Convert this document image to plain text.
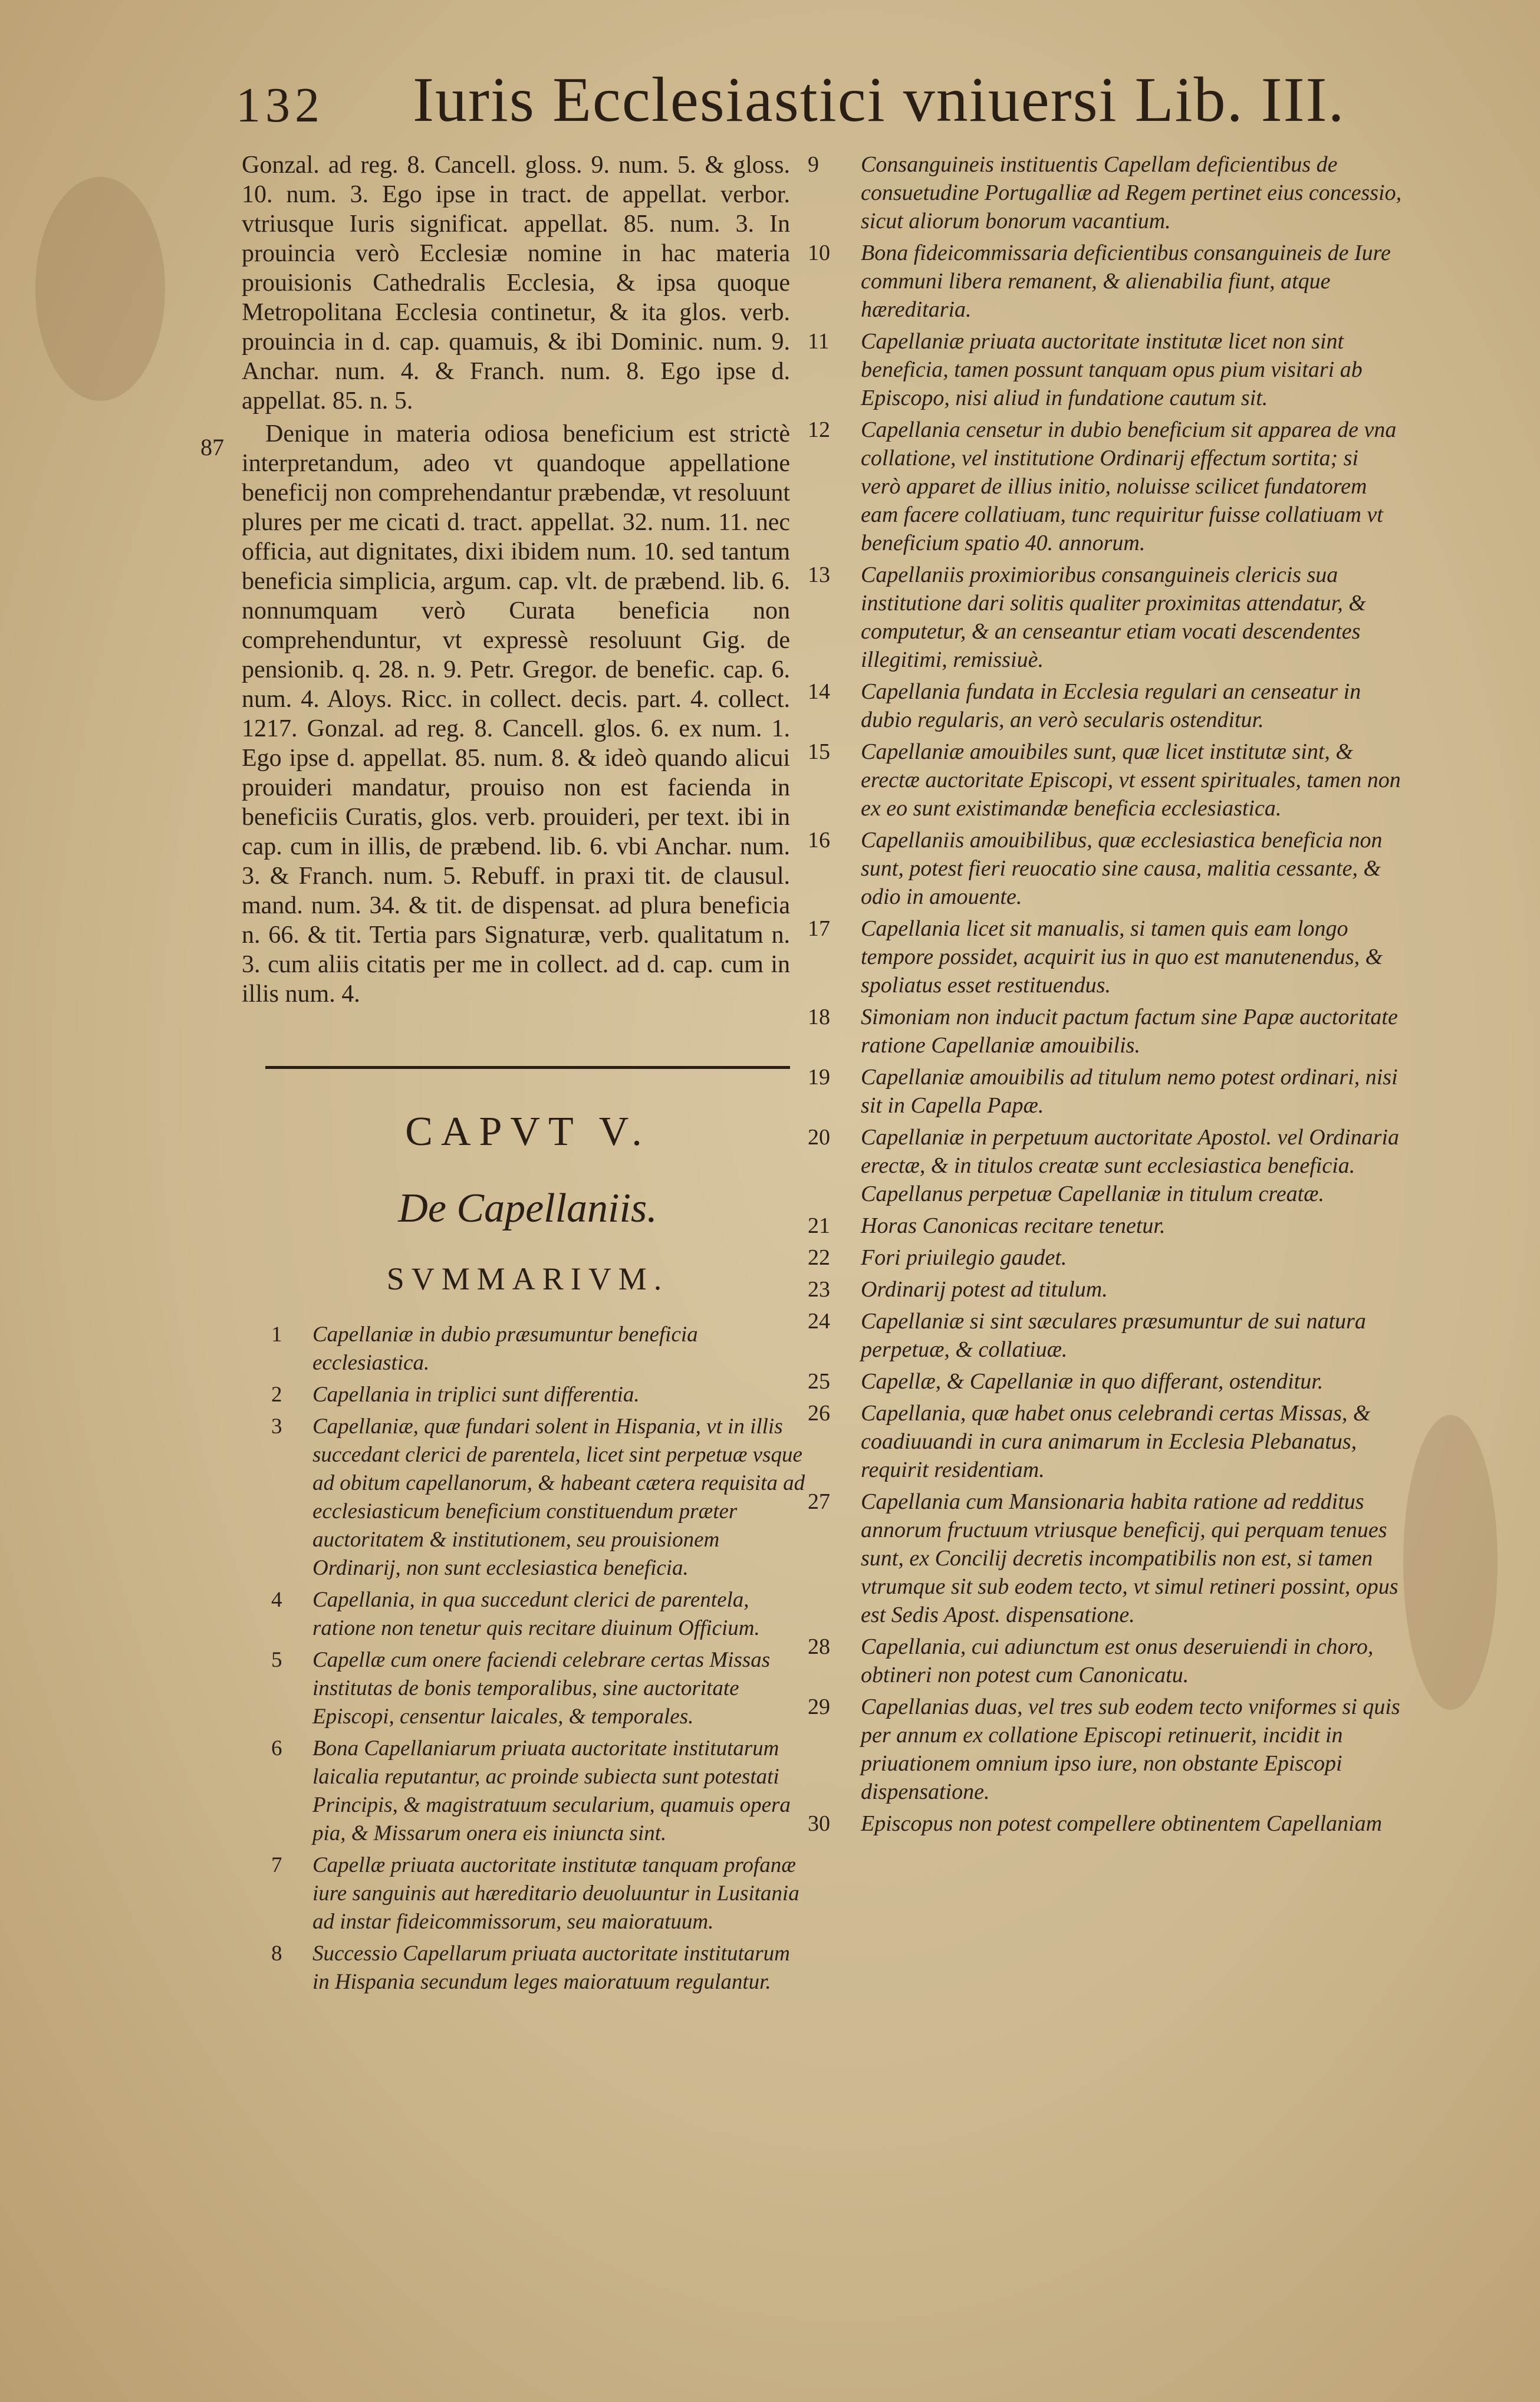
132 Iuris Ecclesiastici vniuersi Lib. III.

Gonzal. ad reg. 8. Cancell. gloss. 9. num. 5. & gloss. 10. num. 3. Ego ipse in tract. de appellat. verbor. vtriusque Iuris significat. appellat. 85. num. 3. In prouincia verò Ecclesiæ nomine in hac materia prouisionis Cathedralis Ecclesia, & ipsa quoque Metropolitana Ecclesia continetur, & ita glos. verb. prouincia in d. cap. quamuis, & ibi Dominic. num. 9. Anchar. num. 4. & Franch. num. 8. Ego ipse d. appellat. 85. n. 5.

Denique in materia odiosa beneficium est strictè interpretandum, adeo vt quandoque appellatione beneficij non comprehendantur præbendæ, vt resoluunt plures per me cicati d. tract. appellat. 32. num. 11. nec officia, aut dignitates, dixi ibidem num. 10. sed tantum beneficia simplicia, argum. cap. vlt. de præbend. lib. 6. nonnumquam verò Curata beneficia non comprehenduntur, vt expressè resoluunt Gig. de pensionib. q. 28. n. 9. Petr. Gregor. de benefic. cap. 6. num. 4. Aloys. Ricc. in collect. decis. part. 4. collect. 1217. Gonzal. ad reg. 8. Cancell. glos. 6. ex num. 1. Ego ipse d. appellat. 85. num. 8. & ideò quando alicui prouideri mandatur, prouiso non est facienda in beneficiis Curatis, glos. verb. prouideri, per text. ibi in cap. cum in illis, de præbend. lib. 6. vbi Anchar. num. 3. & Franch. num. 5. Rebuff. in praxi tit. de clausul. mand. num. 34. & tit. de dispensat. ad plura beneficia n. 66. & tit. Tertia pars Signaturæ, verb. qualitatum n. 3. cum aliis citatis per me in collect. ad d. cap. cum in illis num. 4.

87
CAPVT V.
De Capellaniis.
SVMMARIVM.
1 Capellaniæ in dubio præsumuntur beneficia ecclesiastica.
2 Capellania in triplici sunt differentia.
3 Capellaniæ, quæ fundari solent in Hispania, vt in illis succedant clerici de parentela, licet sint perpetuæ vsque ad obitum capellanorum, & habeant cætera requisita ad ecclesiasticum beneficium constituendum præter auctoritatem & institutionem, seu prouisionem Ordinarij, non sunt ecclesiastica beneficia.
4 Capellania, in qua succedunt clerici de parentela, ratione non tenetur quis recitare diuinum Officium.
5 Capellæ cum onere faciendi celebrare certas Missas institutas de bonis temporalibus, sine auctoritate Episcopi, censentur laicales, & temporales.
6 Bona Capellaniarum priuata auctoritate institutarum laicalia reputantur, ac proinde subiecta sunt potestati Principis, & magistratuum secularium, quamuis opera pia, & Missarum onera eis iniuncta sint.
7 Capellæ priuata auctoritate institutæ tanquam profanæ iure sanguinis aut hæreditario deuoluuntur in Lusitania ad instar fideicommissorum, seu maioratuum.
8 Successio Capellarum priuata auctoritate institutarum in Hispania secundum leges maioratuum regulantur.
9 Consanguineis instituentis Capellam deficientibus de consuetudine Portugalliæ ad Regem pertinet eius concessio, sicut aliorum bonorum vacantium.
10 Bona fideicommissaria deficientibus consanguineis de Iure communi libera remanent, & alienabilia fiunt, atque hæreditaria.
11 Capellaniæ priuata auctoritate institutæ licet non sint beneficia, tamen possunt tanquam opus pium visitari ab Episcopo, nisi aliud in fundatione cautum sit.
12 Capellania censetur in dubio beneficium sit apparea de vna collatione, vel institutione Ordinarij effectum sortita; si verò apparet de illius initio, noluisse scilicet fundatorem eam facere collatiuam, tunc requiritur fuisse collatiuam vt beneficium spatio 40. annorum.
13 Capellaniis proximioribus consanguineis clericis sua institutione dari solitis qualiter proximitas attendatur, & computetur, & an censeantur etiam vocati descendentes illegitimi, remissiuè.
14 Capellania fundata in Ecclesia regulari an censeatur in dubio regularis, an verò secularis ostenditur.
15 Capellaniæ amouibiles sunt, quæ licet institutæ sint, & erectæ auctoritate Episcopi, vt essent spirituales, tamen non ex eo sunt existimandæ beneficia ecclesiastica.
16 Capellaniis amouibilibus, quæ ecclesiastica beneficia non sunt, potest fieri reuocatio sine causa, malitia cessante, & odio in amouente.
17 Capellania licet sit manualis, si tamen quis eam longo tempore possidet, acquirit ius in quo est manutenendus, & spoliatus esset restituendus.
18 Simoniam non inducit pactum factum sine Papæ auctoritate ratione Capellaniæ amouibilis.
19 Capellaniæ amouibilis ad titulum nemo potest ordinari, nisi sit in Capella Papæ.
20 Capellaniæ in perpetuum auctoritate Apostol. vel Ordinaria erectæ, & in titulos creatæ sunt ecclesiastica beneficia. Capellanus perpetuæ Capellaniæ in titulum creatæ.
21 Horas Canonicas recitare tenetur.
22 Fori priuilegio gaudet.
23 Ordinarij potest ad titulum.
24 Capellaniæ si sint sæculares præsumuntur de sui natura perpetuæ, & collatiuæ.
25 Capellæ, & Capellaniæ in quo differant, ostenditur.
26 Capellania, quæ habet onus celebrandi certas Missas, & coadiuuandi in cura animarum in Ecclesia Plebanatus, requirit residentiam.
27 Capellania cum Mansionaria habita ratione ad redditus annorum fructuum vtriusque beneficij, qui perquam tenues sunt, ex Concilij decretis incompatibilis non est, si tamen vtrumque sit sub eodem tecto, vt simul retineri possint, opus est Sedis Apost. dispensatione.
28 Capellania, cui adiunctum est onus deseruiendi in choro, obtineri non potest cum Canonicatu.
29 Capellanias duas, vel tres sub eodem tecto vniformes si quis per annum ex collatione Episcopi retinuerit, incidit in priuationem omnium ipso iure, non obstante Episcopi dispensatione.
30 Episcopus non potest compellere obtinentem Capellaniam
